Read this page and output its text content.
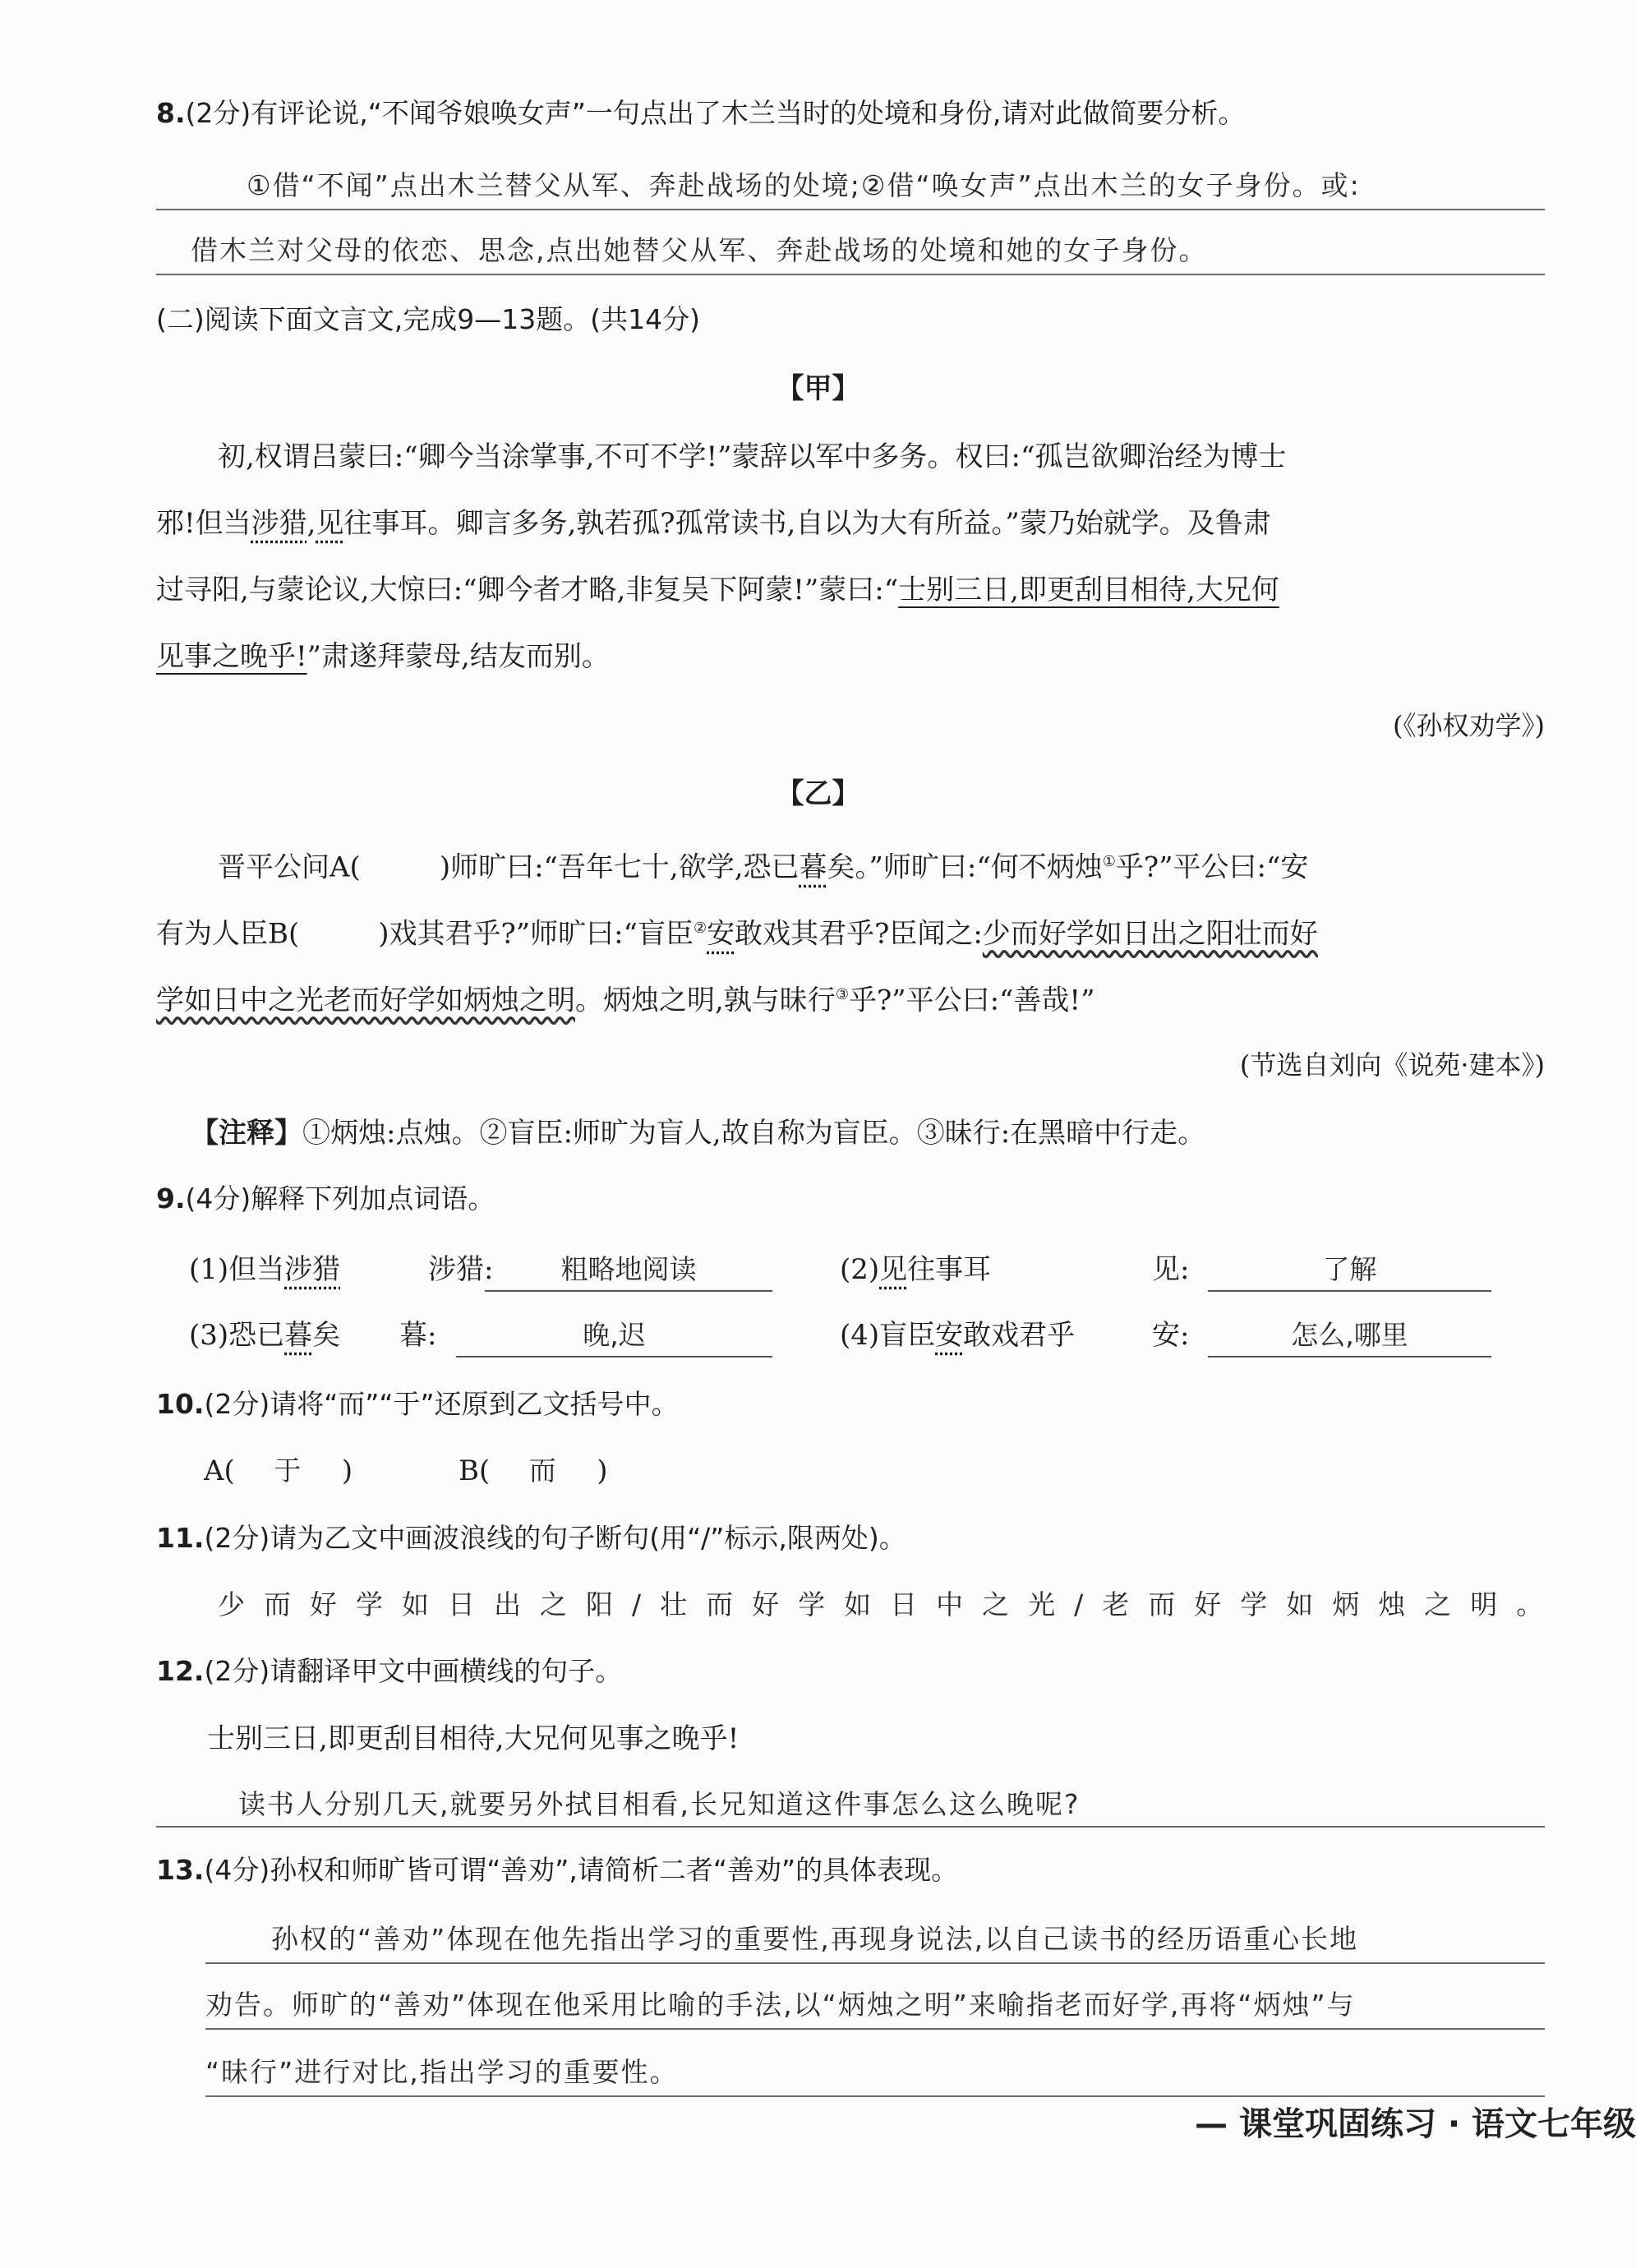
8.(2分)有评论说,“不闻爷娘唤女声”一句点出了木兰当时的处境和身份,请对此做简要分析。
①借“不闻”点出木兰替父从军、奔赴战场的处境;②借“唤女声”点出木兰的女子身份。或:
借木兰对父母的依恋、思念,点出她替父从军、奔赴战场的处境和她的女子身份。
(二)阅读下面文言文,完成9—13题。(共14分)
【甲】
初,权谓吕蒙曰:“卿今当涂掌事,不可不学!”蒙辞以军中多务。权曰:“孤岂欲卿治经为博士
邪!但当涉猎,见往事耳。卿言多务,孰若孤?孤常读书,自以为大有所益。”蒙乃始就学。及鲁肃
过寻阳,与蒙论议,大惊曰:“卿今者才略,非复吴下阿蒙!”蒙曰:“士别三日,即更刮目相待,大兄何
见事之晚乎!”肃遂拜蒙母,结友而别。
(《孙权劝学》)
【乙】
晋平公问A(	)师旷曰:“吾年七十,欲学,恐已暮矣。”师旷曰:“何不炳烛①乎?”平公曰:“安
有为人臣B(	)戏其君乎?”师旷曰:“盲臣②安敢戏其君乎?臣闻之:少而好学如日出之阳壮而好
学如日中之光老而好学如炳烛之明。炳烛之明,孰与昧行③乎?”平公曰:“善哉!”
(节选自刘向《说苑·建本》)
【注释】①炳烛:点烛。②盲臣:师旷为盲人,故自称为盲臣。③昧行:在黑暗中行走。
9.(4分)解释下列加点词语。
(1)但当涉猎	涉猎:	粗略地阅读	(2)见往事耳	见:	了解
(3)恐已暮矣 暮:	晚,迟	(4)盲臣安敢戏君乎	安:	怎么,哪里
10.(2分)请将“而”“于”还原到乙文括号中。
A( 于 )	B( 而 )
11.(2分)请为乙文中画波浪线的句子断句(用“/”标示,限两处)。
少而好学如日出之阳/壮而好学如日中之光/老而好学如炳烛之明。
12.(2分)请翻译甲文中画横线的句子。
士别三日,即更刮目相待,大兄何见事之晚乎!
读书人分别几天,就要另外拭目相看,长兄知道这件事怎么这么晚呢?
13.(4分)孙权和师旷皆可谓“善劝”,请简析二者“善劝”的具体表现。
孙权的“善劝”体现在他先指出学习的重要性,再现身说法,以自己读书的经历语重心长地
劝告。师旷的“善劝”体现在他采用比喻的手法,以“炳烛之明”来喻指老而好学,再将“炳烛”与
“昧行”进行对比,指出学习的重要性。
— 课堂巩固练习 · 语文七年级
